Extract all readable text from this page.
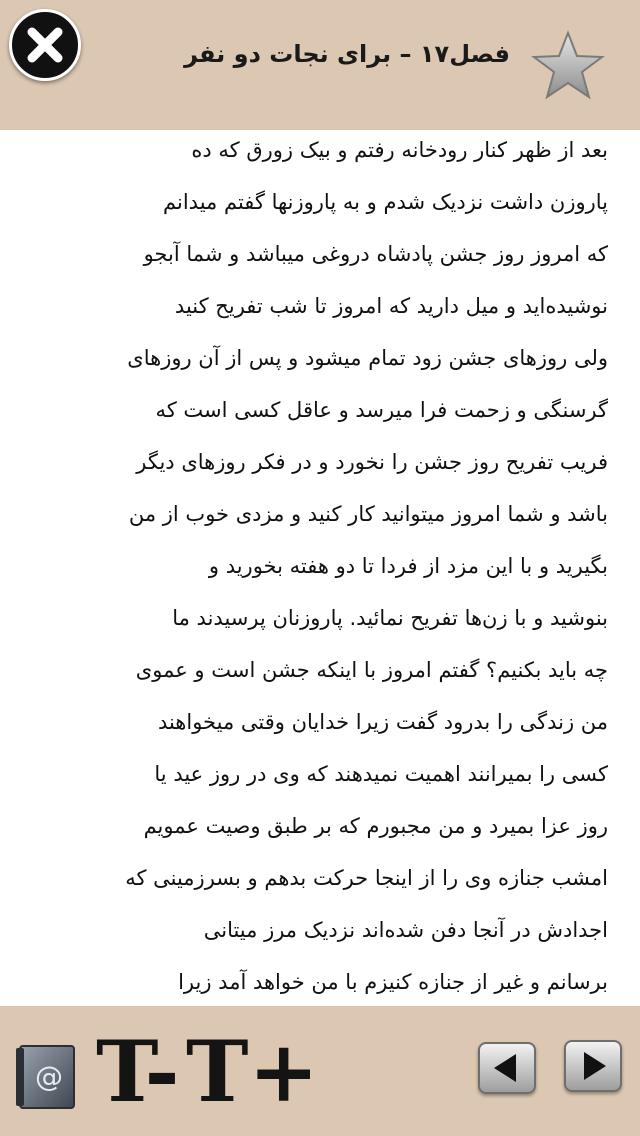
فصل۱۷ – برای نجات دو نفر
بعد از ظهر کنار رودخانه رفتم و بیک زورق که ده
پاروزن داشت نزدیک شدم و به پاروزنها گفتم میدانم
که امروز روز جشن پادشاه دروغی میباشد و شما آبجو
نوشیده‌اید و میل دارید که امروز تا شب تفریح کنید
ولی روزهای جشن زود تمام میشود و پس از آن روزهای
گرسنگی و زحمت فرا میرسد و عاقل کسی است که
فریب تفریح روز جشن را نخورد و در فکر روزهای دیگر
باشد و شما امروز میتوانید کار کنید و مزدی خوب از من
بگیرید و با این مزد از فردا تا دو هفته بخورید و
بنوشید و با زن‌ها تفریح نمائید. پاروزنان پرسیدند ما
چه باید بکنیم؟ گفتم امروز با اینکه جشن است و عموی
من زندگی را بدرود گفت زیرا خدایان وقتی میخواهند
کسی را بمیرانند اهمیت نمیدهند که وی در روز عید یا
روز عزا بمیرد و من مجبورم که بر طبق وصیت عمویم
امشب جنازه وی را از اینجا حرکت بدهم و بسرزمینی که
اجدادش در آنجا دفن شده‌اند نزدیک مرز میتانی
برسانم و غیر از جنازه کنیزم با من خواهد آمد زیرا
@ T- T+
